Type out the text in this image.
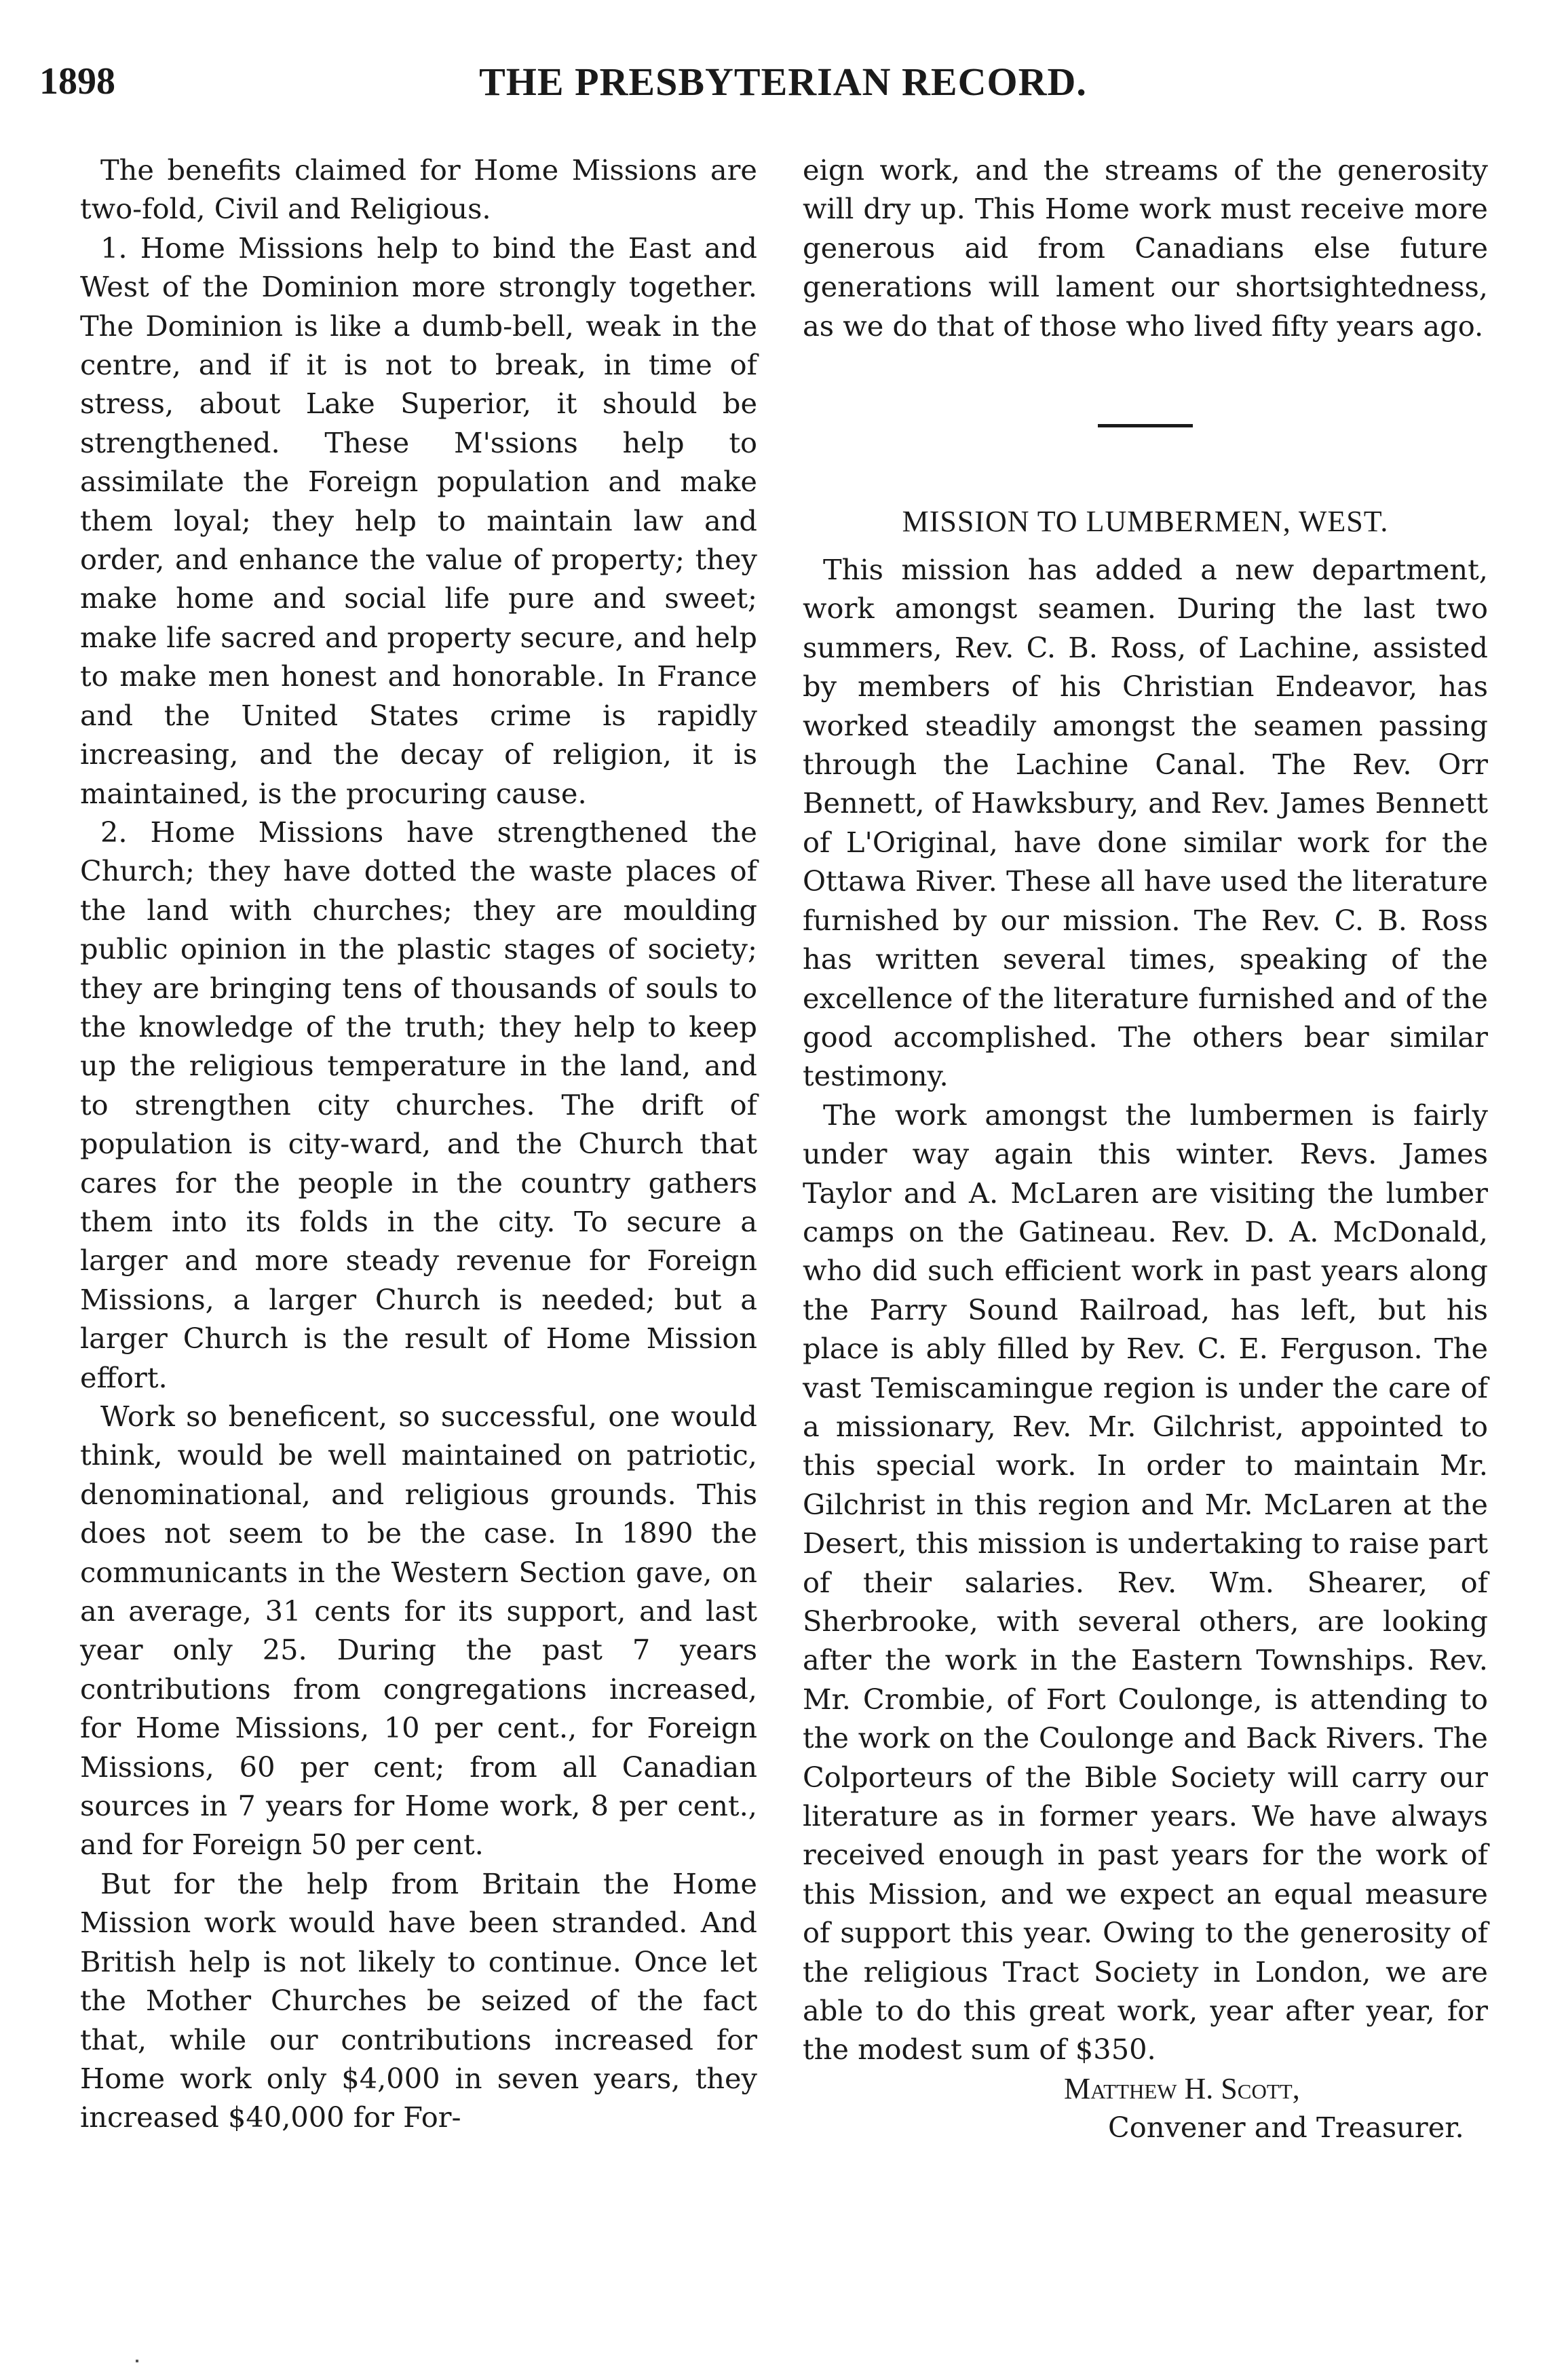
1898	THE PRESBYTERIAN RECORD.

The benefits claimed for Home Missions are two-fold, Civil and Religious.

1. Home Missions help to bind the East and West of the Dominion more strongly together. The Dominion is like a dumb-bell, weak in the centre, and if it is not to break, in time of stress, about Lake Superior, it should be strengthened. These M'ssions help to assimilate the Foreign population and make them loyal; they help to maintain law and order, and enhance the value of property; they make home and social life pure and sweet; make life sacred and property secure, and help to make men honest and honorable. In France and the United States crime is rapidly increasing, and the decay of religion, it is maintained, is the procuring cause.

2. Home Missions have strengthened the Church; they have dotted the waste places of the land with churches; they are moulding public opinion in the plastic stages of society; they are bringing tens of thousands of souls to the knowledge of the truth; they help to keep up the religious temperature in the land, and to strengthen city churches. The drift of population is city-ward, and the Church that cares for the people in the country gathers them into its folds in the city. To secure a larger and more steady revenue for Foreign Missions, a larger Church is needed; but a larger Church is the result of Home Mission effort.

Work so beneficent, so successful, one would think, would be well maintained on patriotic, denominational, and religious grounds. This does not seem to be the case. In 1890 the communicants in the Western Section gave, on an average, 31 cents for its support, and last year only 25. During the past 7 years contributions from congregations increased, for Home Missions, 10 per cent., for Foreign Missions, 60 per cent; from all Canadian sources in 7 years for Home work, 8 per cent., and for Foreign 50 per cent.

But for the help from Britain the Home Mission work would have been stranded. And British help is not likely to continue. Once let the Mother Churches be seized of the fact that, while our contributions increased for Home work only $4,000 in seven years, they increased $40,000 for For-

eign work, and the streams of the generosity will dry up. This Home work must receive more generous aid from Canadians else future generations will lament our shortsightedness, as we do that of those who lived fifty years ago.

MISSION TO LUMBERMEN, WEST.

This mission has added a new department, work amongst seamen. During the last two summers, Rev. C. B. Ross, of Lachine, assisted by members of his Christian Endeavor, has worked steadily amongst the seamen passing through the Lachine Canal. The Rev. Orr Bennett, of Hawksbury, and Rev. James Bennett of L'Original, have done similar work for the Ottawa River. These all have used the literature furnished by our mission. The Rev. C. B. Ross has written several times, speaking of the excellence of the literature furnished and of the good accomplished. The others bear similar testimony.

The work amongst the lumbermen is fairly under way again this winter. Revs. James Taylor and A. McLaren are visiting the lumber camps on the Gatineau. Rev. D. A. McDonald, who did such efficient work in past years along the Parry Sound Railroad, has left, but his place is ably filled by Rev. C. E. Ferguson. The vast Temiscamingue region is under the care of a missionary, Rev. Mr. Gilchrist, appointed to this special work. In order to maintain Mr. Gilchrist in this region and Mr. McLaren at the Desert, this mission is undertaking to raise part of their salaries. Rev. Wm. Shearer, of Sherbrooke, with several others, are looking after the work in the Eastern Townships. Rev. Mr. Crombie, of Fort Coulonge, is attending to the work on the Coulonge and Back Rivers. The Colporteurs of the Bible Society will carry our literature as in former years. We have always received enough in past years for the work of this Mission, and we expect an equal measure of support this year. Owing to the generosity of the religious Tract Society in London, we are able to do this great work, year after year, for the modest sum of $350.

Matthew H. Scott,

Convener and Treasurer.
